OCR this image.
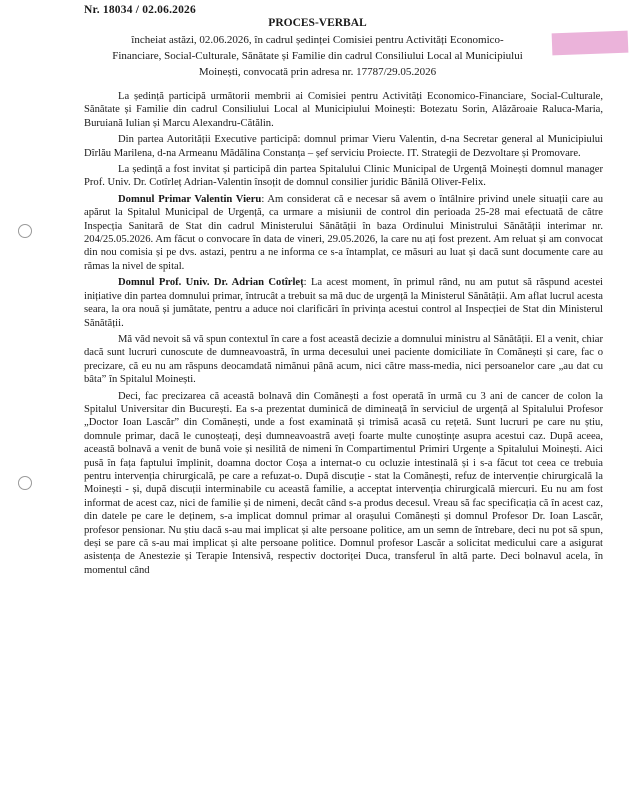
Nr. 18034 / 02.06.2026
PROCES-VERBAL
încheiat astăzi, 02.06.2026, în cadrul ședinței Comisiei pentru Activități Economico-
Financiare, Social-Culturale, Sănătate și Familie din cadrul Consiliului Local al Municipiului
Moinești, convocată prin adresa nr. 17787/29.05.2026

La ședință participă următorii membrii ai Comisiei pentru Activități Economico-Financiare, Social-Culturale, Sănătate și Familie din cadrul Consiliului Local al Municipiului Moinești: Botezatu Sorin, Alăzăroaie Raluca-Maria, Buruiană Iulian și Marcu Alexandru-Cătălin.

Din partea Autorității Executive participă: domnul primar Vieru Valentin, d-na Secretar general al Municipiului Dîrlău Marilena, d-na Armeanu Mădălina Constanța – șef serviciu Proiecte. IT. Strategii de Dezvoltare și Promovare.

La ședință a fost invitat și participă din partea Spitalului Clinic Municipal de Urgență Moinești domnul manager Prof. Univ. Dr. Cotîrleț Adrian-Valentin însoțit de domnul consilier juridic Bănilă Oliver-Felix.

Domnul Primar Valentin Vieru: Am considerat că e necesar să avem o întâlnire privind unele situații care au apărut la Spitalul Municipal de Urgență, ca urmare a misiunii de control din perioada 25-28 mai efectuată de către Inspecția Sanitară de Stat din cadrul Ministerului Sănătății în baza Ordinului Ministrului Sănătății interimar nr. 204/25.05.2026. Am făcut o convocare în data de vineri, 29.05.2026, la care nu ați fost prezent. Am reluat și am convocat din nou comisia și pe dvs. astazi, pentru a ne informa ce s-a întamplat, ce măsuri au luat și dacă sunt documente care au rămas la nivel de spital.

Domnul Prof. Univ. Dr. Adrian Cotîrleț: La acest moment, în primul rând, nu am putut să răspund acestei inițiative din partea domnului primar, întrucât a trebuit sa mă duc de urgență la Ministerul Sănătății. Am aflat lucrul acesta seara, la ora nouă și jumătate, pentru a aduce noi clarificări în privința acestui control al Inspecției de Stat din Ministerul Sănătății.

Mă văd nevoit să vă spun contextul în care a fost această decizie a domnului ministru al Sănătății. El a venit, chiar dacă sunt lucruri cunoscute de dumneavoastră, în urma decesului unei paciente domiciliate în Comănești și care, fac o precizare, că eu nu am răspuns deocamdată nimănui până acum, nici către mass-media, nici persoanelor care „au dat cu bâta” în Spitalul Moinești.

Deci, fac precizarea că această bolnavă din Comănești a fost operată în urmă cu 3 ani de cancer de colon la Spitalul Universitar din București. Ea s-a prezentat duminică de dimineață în serviciul de urgență al Spitalului Profesor „Doctor Ioan Lascăr” din Comănești, unde a fost examinată și trimisă acasă cu rețetă. Sunt lucruri pe care nu știu, domnule primar, dacă le cunoșteați, deși dumneavoastră aveți foarte multe cunoștințe asupra acestui caz. După aceea, această bolnavă a venit de bună voie și nesilită de nimeni în Compartimentul Primiri Urgențe a Spitalului Moinești. Aici pusă în fața faptului împlinit, doamna doctor Coșa a internat-o cu ocluzie intestinală și i s-a făcut tot ceea ce trebuia pentru intervenția chirurgicală, pe care a refuzat-o. După discuție - stat la Comănești, refuz de intervenție chirurgicală la Moinești - și, după discuții interminabile cu această familie, a acceptat intervenția chirurgicală miercuri. Eu nu am fost informat de acest caz, nici de familie și de nimeni, decât când s-a produs decesul. Vreau să fac specificația că în acest caz, din datele pe care le deținem, s-a implicat domnul primar al orașului Comănești și domnul Profesor Dr. Ioan Lascăr, profesor pensionar. Nu știu dacă s-au mai implicat și alte persoane politice, am un semn de întrebare, deci nu pot să spun, deși se pare că s-au mai implicat și alte persoane politice. Domnul profesor Lascăr a solicitat medicului care a asigurat asistența de Anestezie și Terapie Intensivă, respectiv doctoriței Duca, transferul în altă parte. Deci bolnavul acela, în momentul când
